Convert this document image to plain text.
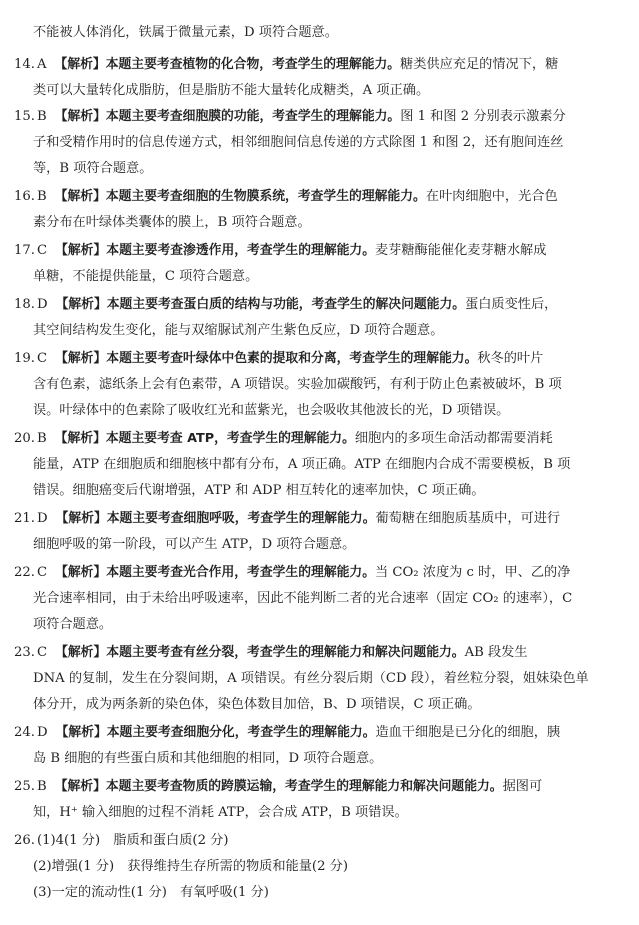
不能被人体消化，铁属于微量元素，D 项符合题意。
14. A 【解析】本题主要考查植物的化合物，考查学生的理解能力。糖类供应充足的情况下，糖
类可以大量转化成脂肪，但是脂肪不能大量转化成糖类，A 项正确。
15. B 【解析】本题主要考查细胞膜的功能，考查学生的理解能力。图 1 和图 2 分别表示激素分
子和受精作用时的信息传递方式，相邻细胞间信息传递的方式除图 1 和图 2，还有胞间连丝
等，B 项符合题意。
16. B 【解析】本题主要考查细胞的生物膜系统，考查学生的理解能力。在叶肉细胞中，光合色
素分布在叶绿体类囊体的膜上，B 项符合题意。
17. C 【解析】本题主要考查渗透作用，考查学生的理解能力。麦芽糖酶能催化麦芽糖水解成
单糖，不能提供能量，C 项符合题意。
18. D 【解析】本题主要考查蛋白质的结构与功能，考查学生的解决问题能力。蛋白质变性后，
其空间结构发生变化，能与双缩脲试剂产生紫色反应，D 项符合题意。
19. C 【解析】本题主要考查叶绿体中色素的提取和分离，考查学生的理解能力。秋冬的叶片
含有色素，滤纸条上会有色素带，A 项错误。实验加碳酸钙，有利于防止色素被破坏，B 项
误。叶绿体中的色素除了吸收红光和蓝紫光，也会吸收其他波长的光，D 项错误。
20. B 【解析】本题主要考查 ATP，考查学生的理解能力。细胞内的多项生命活动都需要消耗
能量，ATP 在细胞质和细胞核中都有分布，A 项正确。ATP 在细胞内合成不需要模板，B 项
错误。细胞癌变后代谢增强，ATP 和 ADP 相互转化的速率加快，C 项正确。
21. D 【解析】本题主要考查细胞呼吸，考查学生的理解能力。葡萄糖在细胞质基质中，可进行
细胞呼吸的第一阶段，可以产生 ATP，D 项符合题意。
22. C 【解析】本题主要考查光合作用，考查学生的理解能力。当 CO₂ 浓度为 c 时，甲、乙的净
光合速率相同，由于未给出呼吸速率，因此不能判断二者的光合速率（固定 CO₂ 的速率），C
项符合题意。
23. C 【解析】本题主要考查有丝分裂，考查学生的理解能力和解决问题能力。AB 段发生
DNA 的复制，发生在分裂间期，A 项错误。有丝分裂后期（CD 段），着丝粒分裂，姐妹染色单
体分开，成为两条新的染色体，染色体数目加倍，B、D 项错误，C 项正确。
24. D 【解析】本题主要考查细胞分化，考查学生的理解能力。造血干细胞是已分化的细胞，胰
岛 B 细胞的有些蛋白质和其他细胞的相同，D 项符合题意。
25. B 【解析】本题主要考查物质的跨膜运输，考查学生的理解能力和解决问题能力。据图可
知，H⁺ 输入细胞的过程不消耗 ATP，会合成 ATP，B 项错误。
26. (1)4(1 分)　脂质和蛋白质(2 分)
(2)增强(1 分)　获得维持生存所需的物质和能量(2 分)
(3)一定的流动性(1 分)　有氧呼吸(1 分)
